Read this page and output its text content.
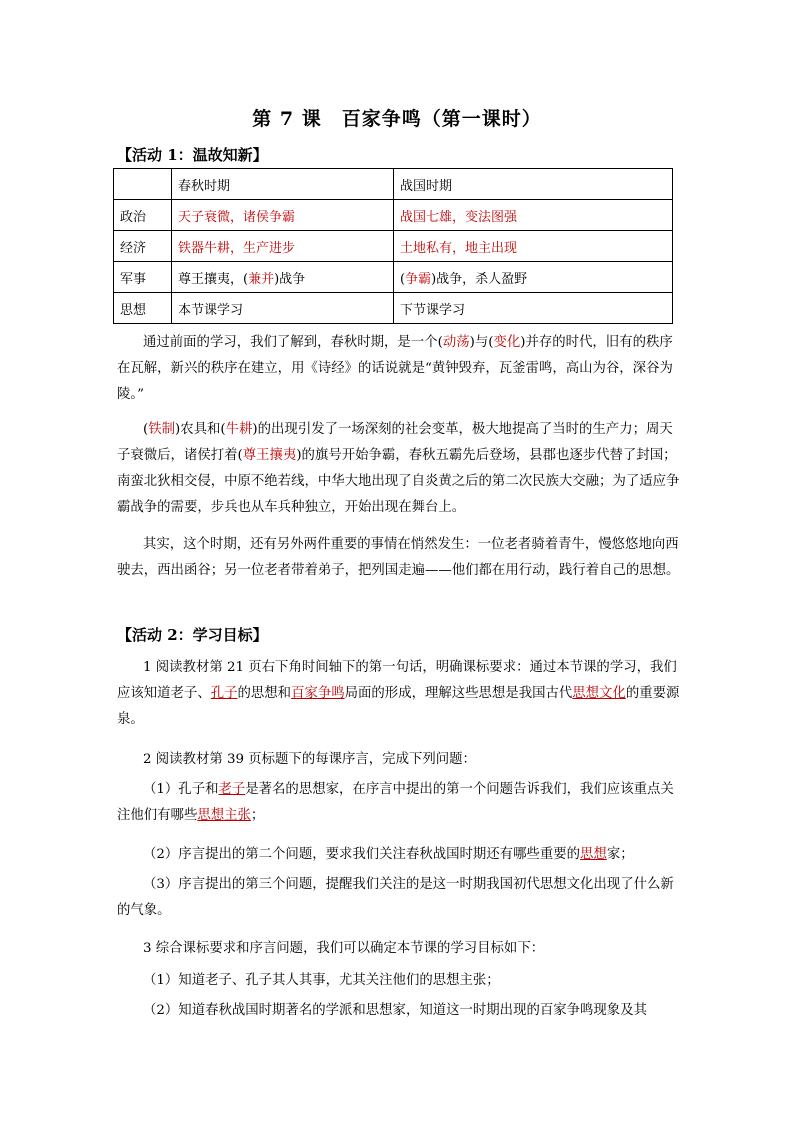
第 7 课　百家争鸣（第一课时）
【活动 1：温故知新】
	春秋时期	战国时期
政治	天子衰微，诸侯争霸	战国七雄，变法图强
经济	铁器牛耕，生产进步	土地私有，地主出现
军事	尊王攘夷，(兼并)战争	(争霸)战争，杀人盈野
思想	本节课学习	下节课学习
通过前面的学习，我们了解到，春秋时期，是一个(动荡)与(变化)并存的时代，旧有的秩序在瓦解，新兴的秩序在建立，用《诗经》的话说就是“黄钟毁弃，瓦釜雷鸣，高山为谷，深谷为陵。”
(铁制)农具和(牛耕)的出现引发了一场深刻的社会变革，极大地提高了当时的生产力；周天子衰微后，诸侯打着(尊王攘夷)的旗号开始争霸，春秋五霸先后登场，县郡也逐步代替了封国；南蛮北狄相交侵，中原不绝若线，中华大地出现了自炎黄之后的第二次民族大交融；为了适应争霸战争的需要，步兵也从车兵种独立，开始出现在舞台上。
其实，这个时期，还有另外两件重要的事情在悄然发生：一位老者骑着青牛，慢悠悠地向西驶去，西出函谷；另一位老者带着弟子，把列国走遍——他们都在用行动，践行着自己的思想。
【活动 2：学习目标】
1 阅读教材第 21 页右下角时间轴下的第一句话，明确课标要求：通过本节课的学习，我们应该知道老子、孔子的思想和百家争鸣局面的形成，理解这些思想是我国古代思想文化的重要源泉。
2 阅读教材第 39 页标题下的每课序言，完成下列问题：
（1）孔子和老子是著名的思想家，在序言中提出的第一个问题告诉我们，我们应该重点关注他们有哪些思想主张；
（2）序言提出的第二个问题，要求我们关注春秋战国时期还有哪些重要的思想家；
（3）序言提出的第三个问题，提醒我们关注的是这一时期我国初代思想文化出现了什么新的气象。
3 综合课标要求和序言问题，我们可以确定本节课的学习目标如下：
（1）知道老子、孔子其人其事，尤其关注他们的思想主张；
（2）知道春秋战国时期著名的学派和思想家，知道这一时期出现的百家争鸣现象及其
